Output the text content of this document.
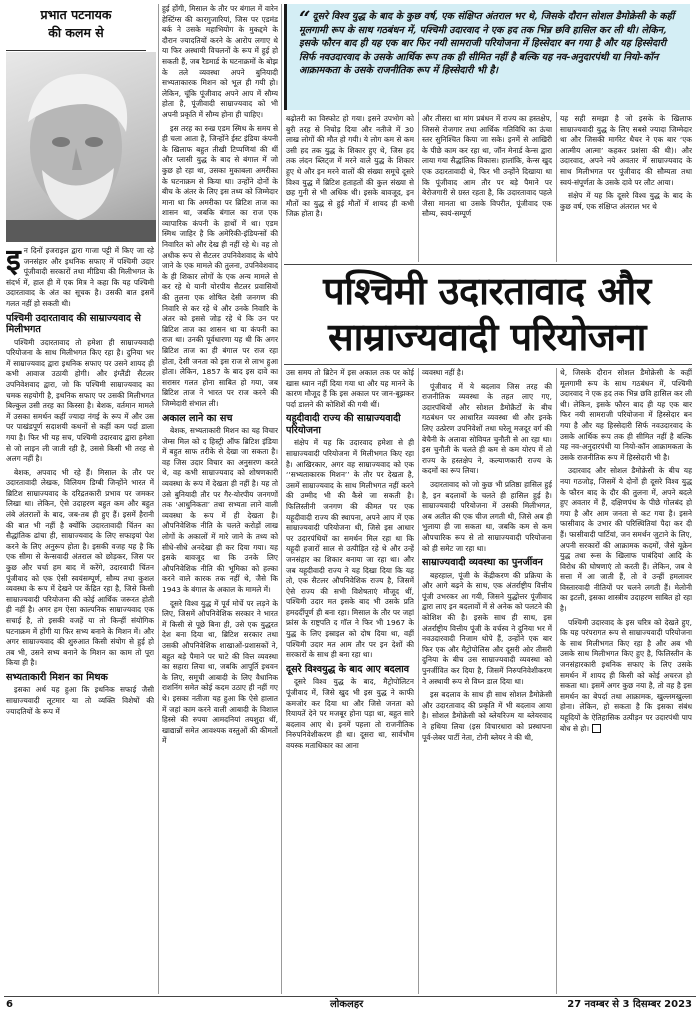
प्रभात पटनायक
की कलम से

इन दिनों इजराइल द्वारा गाजा पट्टी में किए जा रहे जनसंहार और इथनिक सफाए में पश्चिमी उदार पूंजीवादी सरकारों तथा मीडिया की मिलीभगत के संदर्भ में, हाल ही में एक मित्र ने कहा कि यह पश्चिमी उदारतावाद के अंत का सूचक है। उसकी बात इसमें गलत नहीं हो सकती थी।

पश्चिमी उदारतावाद की साम्राज्यवाद से मिलीभगत

पश्चिमी उदारतावाद तो हमेशा ही साम्राज्यवादी परियोजना के साथ मिलीभगत किए रहा है। दुनिया भर में साम्राज्यवाद द्वारा इथनिक सफाए पर उसने शायद ही कभी आवाज उठायी होगी। और इंग्लैंडी सैटलर उपनिवेशवाद द्वारा, जो कि पश्चिमी साम्राज्यवाद का चमक सहयोगी है, इथनिक सफाए पर उसकी मिलीभगत बिल्कुल उसी तरह का किस्सा है। बेशक, वर्तमान मामले में उसका समर्थन कहीं ज्यादा नंगई के रूप में और उस पर पाखंडपूर्ण सदाशयी कथनों से कहीं कम पर्दा डाला गया है। फिर भी यह सच, पश्चिमी उदारवाद द्वारा हमेशा से जो लाइन ली जाती रही है, उससे किसी भी तरह से अलग नहीं है।

बेशक, अपवाद भी रहे हैं। मिसाल के तौर पर उदारतावादी लेखक, विलियम डिग्बी जिन्होंने भारत में ब्रिटिश साम्राज्यवाद के दरिद्रतकारी प्रभाव पर जमकर लिखा था। लेकिन, ऐसे उदाहरण बहुत कम और बहुत लंबे अंतरालों के बाद, जब-तब ही हुए हैं। इसमें हैरानी की बात भी नहीं है क्योंकि उदारतावादी चिंतन का सैद्धांतिक ढांचा ही, साम्राज्यवाद के लिए सफाइयां पेश करने के लिए अनुरूप होता है। इसकी वजह यह है कि एक सीमा से केन्सवादी अंतराल को छोड़कर, जिस पर कुछ और चर्चा हम बाद में करेंगे, उदारवादी चिंतन पूंजीवाद को एक ऐसी स्वयंसम्पूर्ण, सौम्य तथा कुशल व्यवस्था के रूप में देखने पर केंद्रित रहा है, जिसे किसी साम्राज्यवादी परियोजना की कोई आर्थिक जरूरत होती ही नहीं है। अगर हम ऐसा काल्पनिक साम्राज्यवाद एक सचाई है, तो इसकी वजहें या तो किन्हीं संयोगिक घटनाक्रम में होंगी या फिर सभ्य बनाने के मिशन में। और अगर साम्राज्यवाद की शुरुआत किसी संयोग से हुई हो तब भी, उसने सभ्य बनाने के मिशन का काम तो पूरा किया ही है।

सभ्यताकारी मिशन का मिथक

इसका अर्थ यह हुआ कि इथनिक सफाई जैसी साम्राज्यवादी लूटमार या तो व्यक्ति विशेषों की ज्यादतियों के रूप में

हुई होंगी, मिसाल के तौर पर बंगाल में वारेन हेस्टिंग्स की कारगुजारियां, जिस पर एडमंड बर्क ने उसके महाभियोग के मुकद्दमे के दौरान ज्यादतियों करने के आरोप लगाए थे या फिर अस्थायी विचलनों के रूप में हुई हो सकती हैं, जब रैडमार्ड के घटनाक्रमों के बोझ के तले व्यवस्था अपने बुनियादी सभ्यताकारक मिशन को भूल ही गयी हो। लेकिन, चूंकि पूंजीवाद अपने आप में सौम्य होता है, पूंजीवादी साम्राज्यवाद को भी अपनी प्रकृति में सौम्य होना ही चाहिए।

इस तरह का रुख एडम स्मिथ के समय से ही चला आता है, जिन्होंने ईस्ट इंडिया कंपनी के खिलाफ बहुत तीखी टिप्पणियां की थीं और प्लासी युद्ध के बाद से बंगाल में जो कुछ हो रहा था, उसका मुकाबला अमरीका के घटनाक्रम से किया था। उन्होंने दोनों के बीच के अंतर के लिए इस तथ्य को जिम्मेदार माना था कि अमरीका पर ब्रिटिश ताज का शासन था, जबकि बंगाल का राज एक व्यापारिक कंपनी के हाथों में था। एडम स्मिथ जाहिर है कि अमेरिकी-इंडियन्सों की निवारित को और देख ही नहीं रहे थे। वह तो अधीक रूप से सैटलर उपनिवेशवाद के थोपे जाने के एक मामले की तुलना, उपनिवेशवाद के ही शिकार लोगों के एक अन्य मामले से कर रहे थे यानी योरपीय सैटलर प्रवासियों की तुलना एक शोषित देसी जनगण की निवारि से कर रहे थे और उनके निवारि के अंतर को इससे जोड़ रहे थे कि उन पर ब्रिटिश ताज का शासन था या कंपनी का राज था। उनकी पूर्वधारणा यह थी कि अगर ब्रिटिश ताज का ही बंगाल पर राज रहा होता, देसी जनता को इस राज से लाभ हुआ होता। लेकिन, 1857 के बाद इस दावे का सरासर गलत होना साबित हो गया, जब ब्रिटिश ताज ने भारत पर राज करने की जिम्मेदारी संभाल ली।

अकाल लाने का सच

बेशक, सभ्यताकारी मिशन का यह विचार जेम्स मिल को द हिस्ट्री ऑफ ब्रिटिश इंडिया में बहुत साफ तरीके से देखा जा सकता है। वह जिस उदार विचार का अनुसरण करते थे, वह कभी साम्राज्यवाद को शोषणकारी व्यवस्था के रूप में देखता ही नहीं है। यह तो उसे बुनियादी तौर पर गैर-योरपीय जनगणों तक ‘आधुनिकता’ तथा सभ्यता लाने वाली व्यवस्था के रूप में ही देखता है। औपनिवेशिक नीति के चलते करोड़ों लाख लोगों के अकालों में मारे जाने के तथ्य को सीधे-सीधे अनदेखा ही कर दिया गया। यह इसके बावजूद था कि उनके लिए औपनिवेशिक नीति की भूमिका को हल्का करने वाले कारक तक नहीं थे, जैसे कि 1943 के बंगाल के अकाल के मामले में।

दूसरे विश्व युद्ध में पूर्व मोर्चे पर लड़ने के लिए, जिसमें औपनिवेशिक सरकार ने भारत में किसी से पूछे बिना ही, उसे एक युद्धरत देश बना दिया था, ब्रिटिश सरकार तथा उसकी औपनिवेशिक शाखाओं-प्रशासकों ने, बहुत बड़े पैमाने पर घाटे की वित्त व्यवस्था का सहारा लिया था, जबकि आपूर्ति इथवन के लिए, समूची आबादी के लिए वैधानिक राशनिंग समेत कोई कदम उठाए ही नहीं गए थे। इसका नतीजा यह हुआ कि ऐसे हालात में जहां काम करने वाली आबादी के विशाल हिस्से की रुपया आमदनियां तयशुदा थीं, खाद्यान्नों समेत आवश्यक वस्तुओं की कीमतों में

“ दूसरे विश्व युद्ध के बाद के कुछ वर्ष, एक संक्षिप्त अंतराल भर थे, जिसके दौरान सोशल डैमोक्रेसी के कहीं मूलगामी रूप के साथ गठबंधन में, पश्चिमी उदारवाद ने एक हद तक भिन्न छवि हासिल कर ली थी। लेकिन, इसके फौरन बाद ही यह एक बार फिर नयी सामराजी परियोजना में हिस्सेदार बन गया है और यह हिस्सेदारी सिर्फ नवउदारवाद के उसके आर्थिक रूप तक ही सीमित नहीं है बल्कि यह नव-अनुदारपंथी या नियो-कॉन आक्रामकता के उसके राजनीतिक रूप में हिस्सेदारी भी है।

बढ़ोतरी का विस्फोट हो गया। इसने उपभोग को बुरी तरह से निचोड़ दिया और नतीजे में 30 लाख लोगों की मौत हो गयी। ये लोग कम से कम उसी हद तक युद्ध के शिकार हुए थे, जिस हद तक लंदन ब्लिट्ज में मरने वाले युद्ध के शिकार हुए थे और इन मरने वालों की संख्या समूचे दूसरे विश्व युद्ध में ब्रिटिश हताहतों की कुल संख्या से छह गुनी से भी अधिक थी। इसके बावजूद, इन मौतों का युद्ध से हुई मौतों में शायद ही कभी जिक्र होता है।

और तीसरा था मांग प्रबंधन में राज्य का हस्तक्षेप, जिससे रोजगार तथा आर्थिक गतिविधि का ऊंचा स्तर सुनिश्चित किया जा सके। इनमें से आखिरी के पीछे काम कर रहा था, जॉन मेनार्ड केन्स द्वारा लाया गया सैद्धांतिक विकास। हालांकि, केन्स खुद एक उदारतावादी थे, फिर भी उन्होंने दिखाया था कि पूंजीवाद आम तौर पर बड़े पैमाने पर बेरोजगारी से ग्रस्त रहता है, कि उदारतावाद पहले जैसा मानता था उसके विपरीत, पूंजीवाद एक सौम्य, स्वयं-सम्पूर्ण

यह सही समझा है जो इसके के खिलाफ साम्राज्यवादी युद्ध के लिए सबसे ज्यादा जिम्मेदार था और जिसकी मार्गरेट थैचर ने एक बार ‘एक आत्मीय आत्मा’ कहकर प्रशंसा की थी)। और उदारवाद, अपने नये अवतार में साम्राज्यवाद के साथ मिलीभगत पर पूंजीवाद की सौम्यता तथा स्वयं-संपूर्णता के उसके दावे पर लौट आया।

संक्षेप में यह कि दूसरे विश्व युद्ध के बाद के कुछ वर्ष, एक संक्षिप्त अंतराल भर थे

पश्चिमी उदारतावाद और
साम्राज्यवादी परियोजना

उस समय तो ब्रिटेन में इस अकाल तक पर कोई खास ध्यान नहीं दिया गया था और यह मानने के कारण मौजूद हैं कि इस अकाल पर जान-बूझकर पर्दा डालने की कोशिशें की गयी थीं।

यहूदीवादी राज्य की साम्राज्यवादी परियोजना

संक्षेप में यह कि उदारवाद हमेशा से ही साम्राज्यवादी परियोजना में मिलीभगत किए रहा है। आखिरकार, अगर वह साम्राज्यवाद को एक ‘‘सभ्यताकारक मिशन’’ के तौर पर देखता है, उसमें साम्राज्यवाद के साथ मिलीभगत नहीं करने की उम्मीद भी की कैसे जा सकती है। फिलिस्तीनी जनगण की कीमत पर एक यहूदीवादी राज्य की स्थापना, अपने आप में एक साम्राज्यवादी परियोजना थी, जिसे इस आधार पर उदारपंथियों का समर्थन मिल रहा था कि यहूदी हजारों साल से उत्पीड़ित रहे थे और उन्हें जनसंहार का शिकार बनाया जा रहा था। और जब यहूदीवादी राज्य ने यह दिखा दिया कि यह तो, एक सैटलर औपनिवेशिक राज्य है, जिसमें ऐसे राज्य की सभी विशेषताएं मौजूद थीं, पश्चिमी उदार मत इसके बाद भी उसके प्रति हमदर्दीपूर्ण ही बना रहा। मिसाल के तौर पर जहां फ्रांस के राष्ट्रपति द गॉल ने फिर भी 1967 के युद्ध के लिए इस्राइल को दोष दिया था, वहीं पश्चिमी उदार मत आम तौर पर इन देशों की सरकारों के साथ ही बना रहा था।

दूसरे विश्वयुद्ध के बाद आए बदलाव

दूसरे विश्व युद्ध के बाद, मैट्रोपोलिटन पूंजीवाद में, जिसे खुद भी इस युद्ध ने काफी कमजोर कर दिया था और जिसे जनता को रियायतें देने पर मजबूर होना पड़ा था, बहुत सारे बदलाव आए थे। इनमें पहला तो राजनीतिक निरुपनिवेशीकरण ही था। दूसरा था, सार्वभौम वयस्क मताधिकार का आना

व्यवस्था नहीं है।

पूंजीवाद में ये बदलाव जिस तरह की राजनीतिक व्यवस्था के तहत लाए गए, उदारपंथियों और सोशल डैमोक्रैटों के बीच गठबंधन पर आधारित व्यवस्था थी और इनके लिए उत्प्रेरण उपनिवेशों तथा घरेलू मजदूर वर्ग की बेचैनी के अलावा सोवियत चुनौती से आ रहा था। इस चुनौती के चलते ही कम से कम योरप में तो राज्य के हस्तक्षेप ने, कल्याणकारी राज्य के कदमों का रूप लिया।

उदारतावाद को जो कुछ भी प्रतिष्ठा हासिल हुई है, इन बदलावों के चलते ही हासिल हुई है। साम्राज्यवादी परियोजना में उसकी मिलीभगत, अब अतीत की एक चीज लगती थी, जिसे अब ही भुलाया ही जा सकता था, जबकि कम से कम औपचारिक रूप से तो साम्राज्यवादी परियोजना को ही समेट जा रहा था।

साम्राज्यवादी व्यवस्था का पुनर्जीवन

बहरहाल, पूंजी के केंद्रीकरण की प्रक्रिया के और आगे बढ़ने के साथ, एक अंतर्राष्ट्रीय वित्तीय पूंजी उभरकर आ गयी, जिसने युद्धोत्तर पूंजीवाद द्वारा लाए इन बदलावों में से अनेक को पलटने की कोशिश की है। इसके साथ ही साथ, इस अंतर्राष्ट्रीय वित्तीय पूंजी के वर्चस्व ने दुनिया भर में नवउदारवादी निजाम थोपे हैं, उन्होंने एक बार फिर एक और मैट्रोपोलिस और दूसरी ओर तीसरी दुनिया के बीच उस साम्राज्यवादी व्यवस्था को पुनर्जीवित कर दिया है, जिसमें निरुपनिवेशीकरण ने अस्थायी रूप से विघ्न डाल दिया था।

इस बदलाव के साथ ही साथ सोशल डैमोक्रेसी और उदारतावाद की प्रकृति में भी बदलाव आया है। सोशल डैमोक्रेसी को ब्लेयरिज्म या ब्लेयरवाद ने हथिया लिया (इस विचारधारा को प्रस्थापना पूर्व-लेबर पार्टी नेता, टोनी ब्लेयर ने की थी,

थे, जिसके दौरान सोशल डैमोक्रेसी के कहीं मूलगामी रूप के साथ गठबंधन में, पश्चिमी उदारवाद ने एक हद तक भिन्न छवि हासिल कर ली थी। लेकिन, इसके फौरन बाद ही यह एक बार फिर नयी सामराजी परियोजना में हिस्सेदार बन गया है और यह हिस्सेदारी सिर्फ नवउदारवाद के उसके आर्थिक रूप तक ही सीमित नहीं है बल्कि यह नव-अनुदारपंथी या नियो-कॉन आक्रामकता के उसके राजनीतिक रूप में हिस्सेदारी भी है।

उदारवाद और सोशल डैमोक्रेसी के बीच यह नया गठजोड़, जिसमें ये दोनों ही दूसरे विश्व युद्ध के फौरन बाद के दौर की तुलना में, अपने बदले हुए अवतार में हैं, दक्षिणपंथ के पीछे गोलबंद हो गया है और आम जनता से कट गया है। इसने फासीवाद के उभार की परिस्थितियां पैदा कर दी हैं। फासीवादी पार्टियां, जन समर्थन जुटाने के लिए, अपनी सरकारों की आक्रामक कदमों, जैसे यूक्रेन युद्ध तथा रूस के खिलाफ पाबंदियां आदि के विरोध की घोषणाएं तो करती हैं। लेकिन, जब वे सत्ता में आ जाती हैं, तो वे उन्हीं हमलावर विस्तारवादी नीतियों पर चलने लगती हैं। मेलोनी का इटली, इसका शास्त्रीय उदाहरण साबित हो रहा है।

पश्चिमी उदारवाद के इस चरित्र को देखते हुए, कि यह परंपरागत रूप से साम्राज्यवादी परियोजना के साथ मिलीभगत किए रहा है और अब भी उसके साथ मिलीभगत किए हुए है, फिलिस्तीन के जनसंहारकारी इथनिक सफाए के लिए उसके समर्थन में शायद ही किसी को कोई अचरज हो सकता था। इसमें अगर कुछ नया है, तो वह है इस समर्थन का बेपर्दा तथा आक्रामक, खुल्लमखुल्ला होना। लेकिन, हो सकता है कि इसका संबंध यहूदियों के ऐतिहासिक उत्पीड़न पर उदारपंथी पाप बोध से हो।

6	लोकलहर	27 नवम्बर से 3 दिसम्बर 2023
